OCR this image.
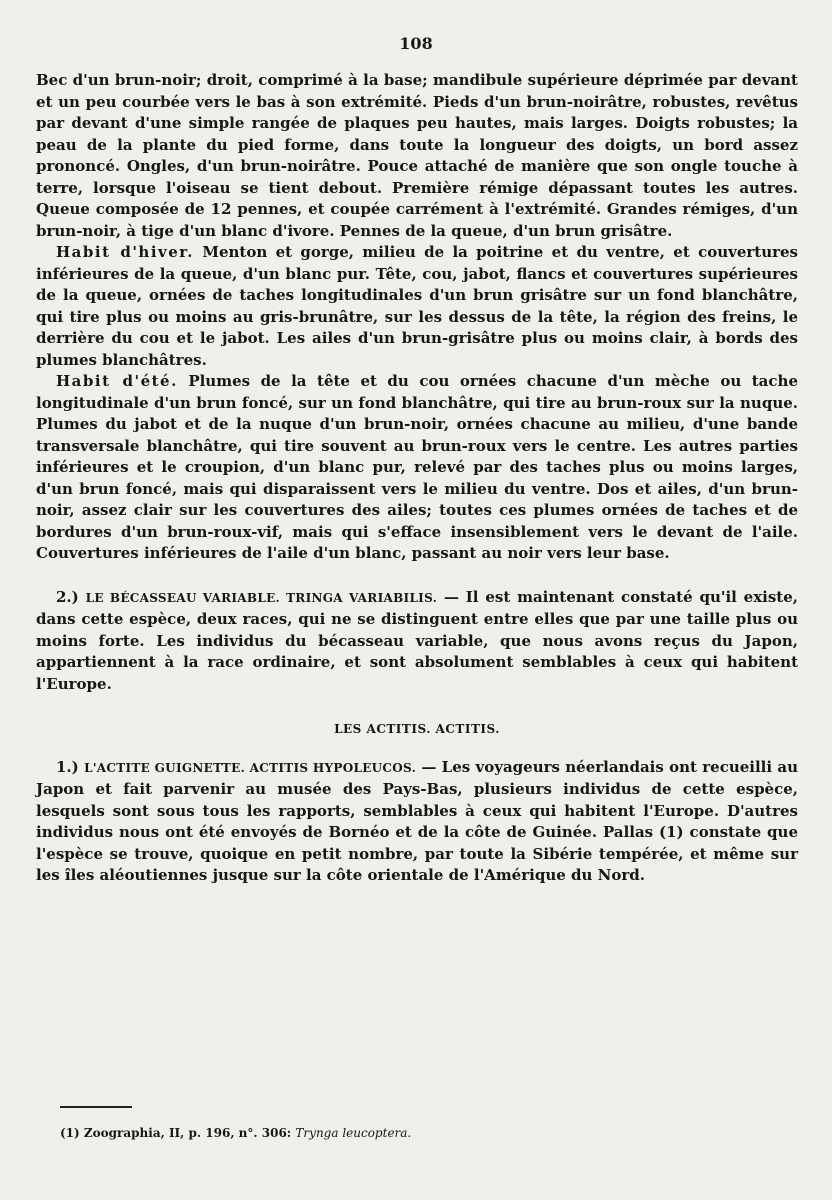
108

Bec d'un brun-noir; droit, comprimé à la base; mandibule supérieure déprimée par devant et un peu courbée vers le bas à son extrémité. Pieds d'un brun-noirâtre, robustes, revêtus par devant d'une simple rangée de plaques peu hautes, mais larges. Doigts robustes; la peau de la plante du pied forme, dans toute la longueur des doigts, un bord assez prononcé. Ongles, d'un brun-noirâtre. Pouce attaché de manière que son ongle touche à terre, lorsque l'oiseau se tient debout. Première rémige dépassant toutes les autres. Queue composée de 12 pennes, et coupée carrément à l'extrémité. Grandes rémiges, d'un brun-noir, à tige d'un blanc d'ivore. Pennes de la queue, d'un brun grisâtre.

Habit d'hiver. Menton et gorge, milieu de la poitrine et du ventre, et couvertures inférieures de la queue, d'un blanc pur. Tête, cou, jabot, flancs et couvertures supérieures de la queue, ornées de taches longitudinales d'un brun grisâtre sur un fond blanchâtre, qui tire plus ou moins au gris-brunâtre, sur les dessus de la tête, la région des freins, le derrière du cou et le jabot. Les ailes d'un brun-grisâtre plus ou moins clair, à bords des plumes blanchâtres.

Habit d'été. Plumes de la tête et du cou ornées chacune d'un mèche ou tache longitudinale d'un brun foncé, sur un fond blanchâtre, qui tire au brun-roux sur la nuque. Plumes du jabot et de la nuque d'un brun-noir, ornées chacune au milieu, d'une bande transversale blanchâtre, qui tire souvent au brun-roux vers le centre. Les autres parties inférieures et le croupion, d'un blanc pur, relevé par des taches plus ou moins larges, d'un brun foncé, mais qui disparaissent vers le milieu du ventre. Dos et ailes, d'un brun-noir, assez clair sur les couvertures des ailes; toutes ces plumes ornées de taches et de bordures d'un brun-roux-vif, mais qui s'efface insensiblement vers le devant de l'aile. Couvertures inférieures de l'aile d'un blanc, passant au noir vers leur base.

2.) LE BÉCASSEAU VARIABLE. TRINGA VARIABILIS. — Il est maintenant constaté qu'il existe, dans cette espèce, deux races, qui ne se distinguent entre elles que par une taille plus ou moins forte. Les individus du bécasseau variable, que nous avons reçus du Japon, appartiennent à la race ordinaire, et sont absolument semblables à ceux qui habitent l'Europe.

LES ACTITIS. ACTITIS.

1.) L'ACTITE GUIGNETTE. ACTITIS HYPOLEUCOS. — Les voyageurs néerlandais ont recueilli au Japon et fait parvenir au musée des Pays-Bas, plusieurs individus de cette espèce, lesquels sont sous tous les rapports, semblables à ceux qui habitent l'Europe. D'autres individus nous ont été envoyés de Bornéo et de la côte de Guinée. Pallas (1) constate que l'espèce se trouve, quoique en petit nombre, par toute la Sibérie tempérée, et même sur les îles aléoutiennes jusque sur la côte orientale de l'Amérique du Nord.

(1) Zoographia, II, p. 196, n°. 306: Trynga leucoptera.
